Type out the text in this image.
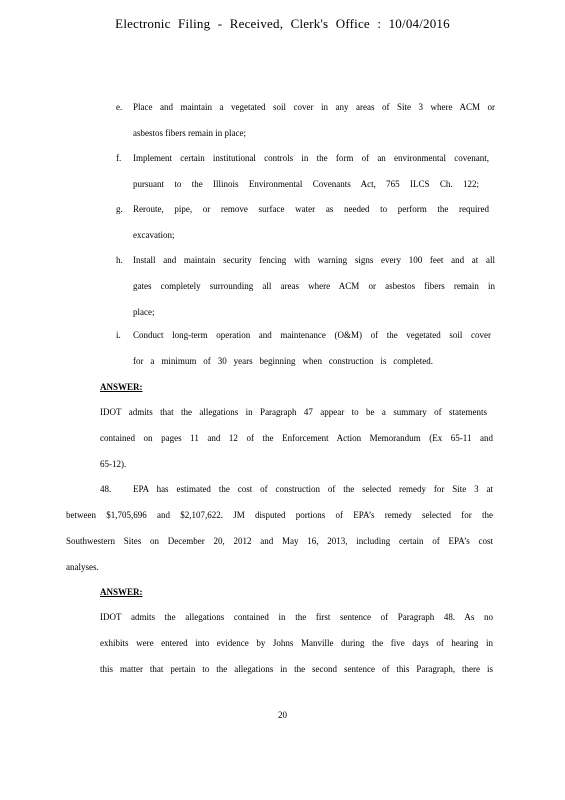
Electronic Filing - Received, Clerk's Office : 10/04/2016
e. Place and maintain a vegetated soil cover in any areas of Site 3 where ACM or
asbestos fibers remain in place;
f. Implement certain institutional controls in the form of an environmental covenant,
pursuant to the Illinois Environmental Covenants Act, 765 ILCS Ch. 122;
g. Reroute, pipe, or remove surface water as needed to perform the required
excavation;
h. Install and maintain security fencing with warning signs every 100 feet and at all
gates completely surrounding all areas where ACM or asbestos fibers remain in
place;
i. Conduct long-term operation and maintenance (O&M) of the vegetated soil cover
for a minimum of 30 years beginning when construction is completed.
ANSWER:
IDOT admits that the allegations in Paragraph 47 appear to be a summary of statements
contained on pages 11 and 12 of the Enforcement Action Memorandum (Ex 65-11 and
65-12).
48. EPA has estimated the cost of construction of the selected remedy for Site 3 at
between $1,705,696 and $2,107,622. JM disputed portions of EPA’s remedy selected for the
Southwestern Sites on December 20, 2012 and May 16, 2013, including certain of EPA’s cost
analyses.
ANSWER:
IDOT admits the allegations contained in the first sentence of Paragraph 48. As no
exhibits were entered into evidence by Johns Manville during the five days of hearing in
this matter that pertain to the allegations in the second sentence of this Paragraph, there is
20
